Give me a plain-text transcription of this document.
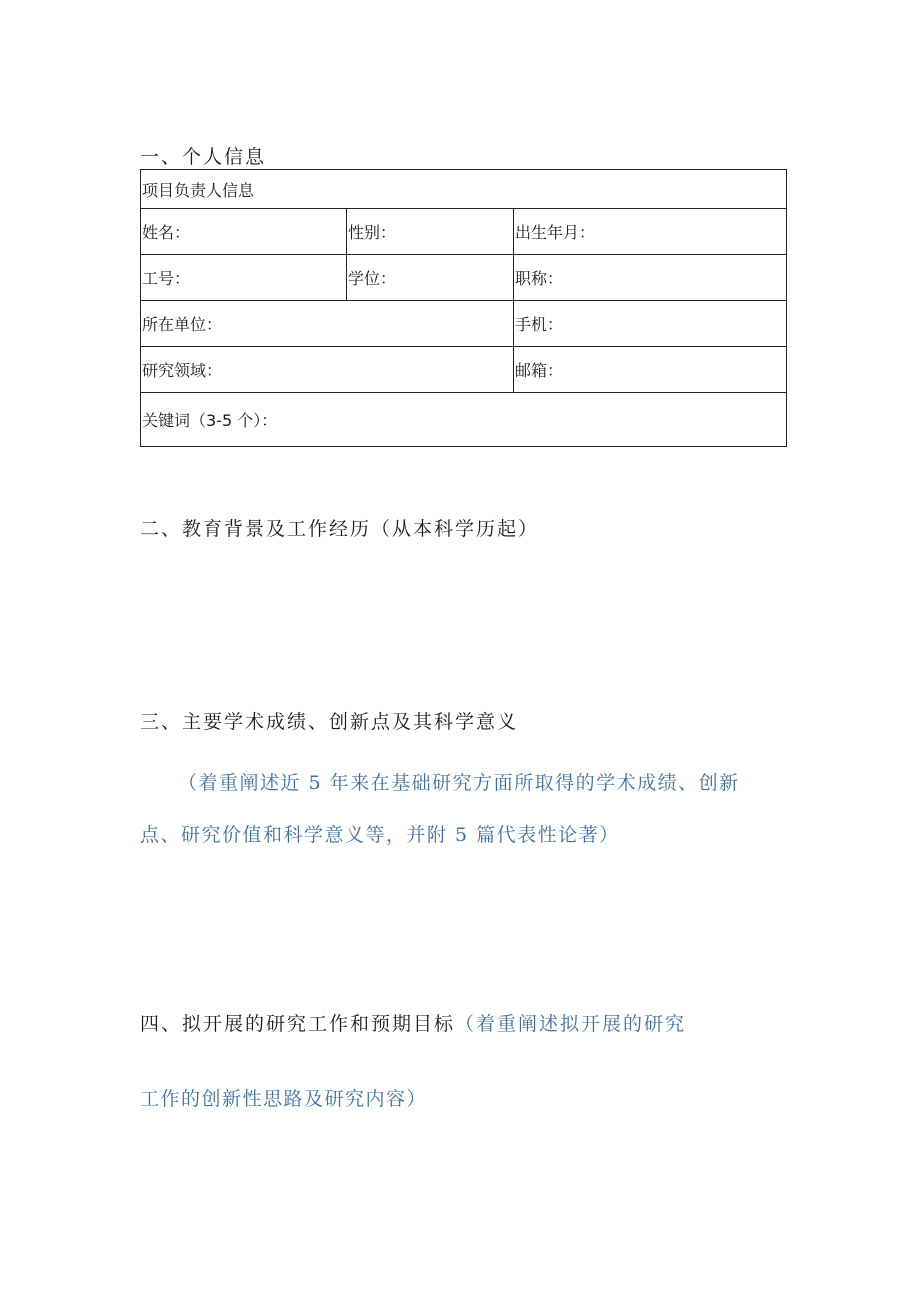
一、个人信息
项目负责人信息		
姓名：	性别：	出生年月：
工号：	学位：	职称：
所在单位：		手机：
研究领域：		邮箱：
关键词（3-5 个）：		
二、教育背景及工作经历（从本科学历起）
三、主要学术成绩、创新点及其科学意义
（着重阐述近 5 年来在基础研究方面所取得的学术成绩、创新点、研究价值和科学意义等，并附 5 篇代表性论著）
四、拟开展的研究工作和预期目标（着重阐述拟开展的研究
工作的创新性思路及研究内容）
